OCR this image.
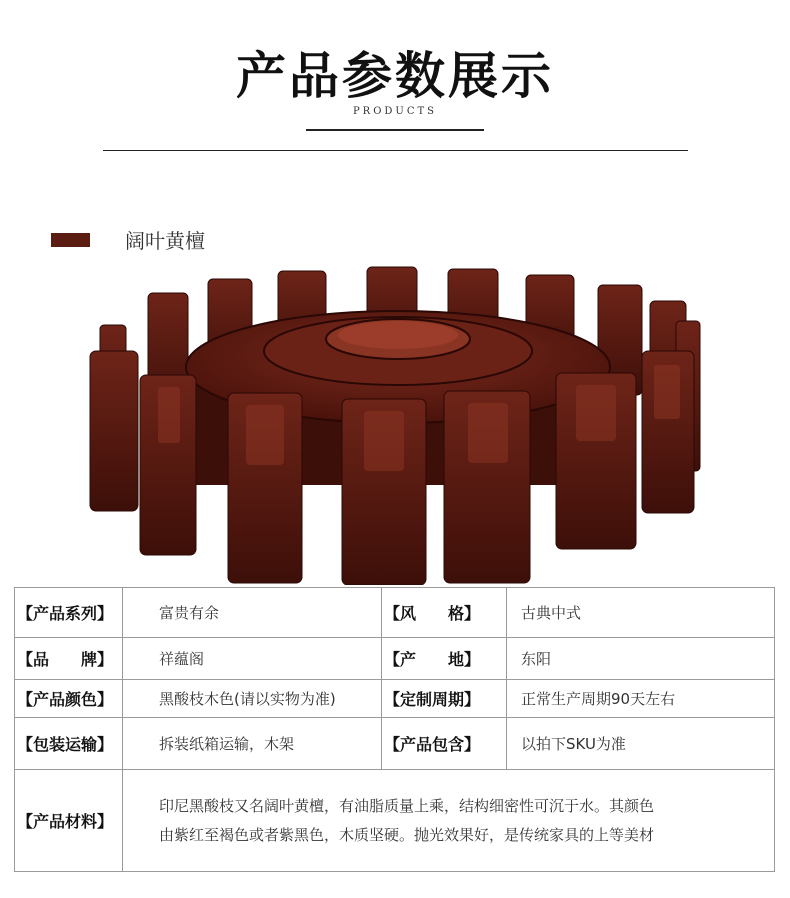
产品参数展示
PRODUCTS
阔叶黄檀
【产品系列】	富贵有余	【风　　格】	古典中式
【品　　牌】	祥蕴阁	【产　　地】	东阳
【产品颜色】	黑酸枝木色(请以实物为准)	【定制周期】	正常生产周期90天左右
【包装运输】	拆装纸箱运输，木架	【产品包含】	以拍下SKU为准
【产品材料】	印尼黑酸枝又名阔叶黄檀，有油脂质量上乘，结构细密性可沉于水。其颜色
由紫红至褐色或者紫黑色，木质坚硬。抛光效果好，是传统家具的上等美材		
